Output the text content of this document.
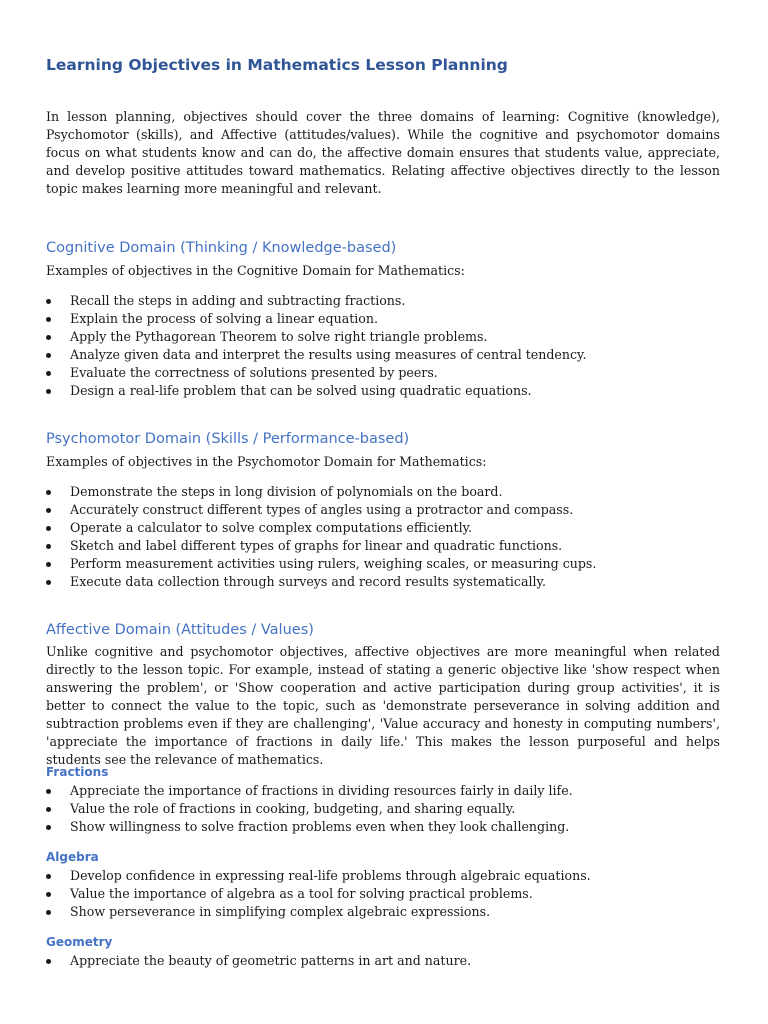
Learning Objectives in Mathematics Lesson Planning

In lesson planning, objectives should cover the three domains of learning: Cognitive (knowledge), Psychomotor (skills), and Affective (attitudes/values). While the cognitive and psychomotor domains focus on what students know and can do, the affective domain ensures that students value, appreciate, and develop positive attitudes toward mathematics. Relating affective objectives directly to the lesson topic makes learning more meaningful and relevant.

Cognitive Domain (Thinking / Knowledge-based)
Examples of objectives in the Cognitive Domain for Mathematics:
Recall the steps in adding and subtracting fractions.
Explain the process of solving a linear equation.
Apply the Pythagorean Theorem to solve right triangle problems.
Analyze given data and interpret the results using measures of central tendency.
Evaluate the correctness of solutions presented by peers.
Design a real-life problem that can be solved using quadratic equations.
Psychomotor Domain (Skills / Performance-based)
Examples of objectives in the Psychomotor Domain for Mathematics:
Demonstrate the steps in long division of polynomials on the board.
Accurately construct different types of angles using a protractor and compass.
Operate a calculator to solve complex computations efficiently.
Sketch and label different types of graphs for linear and quadratic functions.
Perform measurement activities using rulers, weighing scales, or measuring cups.
Execute data collection through surveys and record results systematically.
Affective Domain (Attitudes / Values)

Unlike cognitive and psychomotor objectives, affective objectives are more meaningful when related directly to the lesson topic. For example, instead of stating a generic objective like 'show respect when answering the problem', or 'Show cooperation and active participation during group activities', it is better to connect the value to the topic, such as 'demonstrate perseverance in solving addition and subtraction problems even if they are challenging', 'Value accuracy and honesty in computing numbers', 'appreciate the importance of fractions in daily life.' This makes the lesson purposeful and helps students see the relevance of mathematics.

Fractions
Appreciate the importance of fractions in dividing resources fairly in daily life.
Value the role of fractions in cooking, budgeting, and sharing equally.
Show willingness to solve fraction problems even when they look challenging.
Algebra
Develop confidence in expressing real-life problems through algebraic equations.
Value the importance of algebra as a tool for solving practical problems.
Show perseverance in simplifying complex algebraic expressions.
Geometry
Appreciate the beauty of geometric patterns in art and nature.
